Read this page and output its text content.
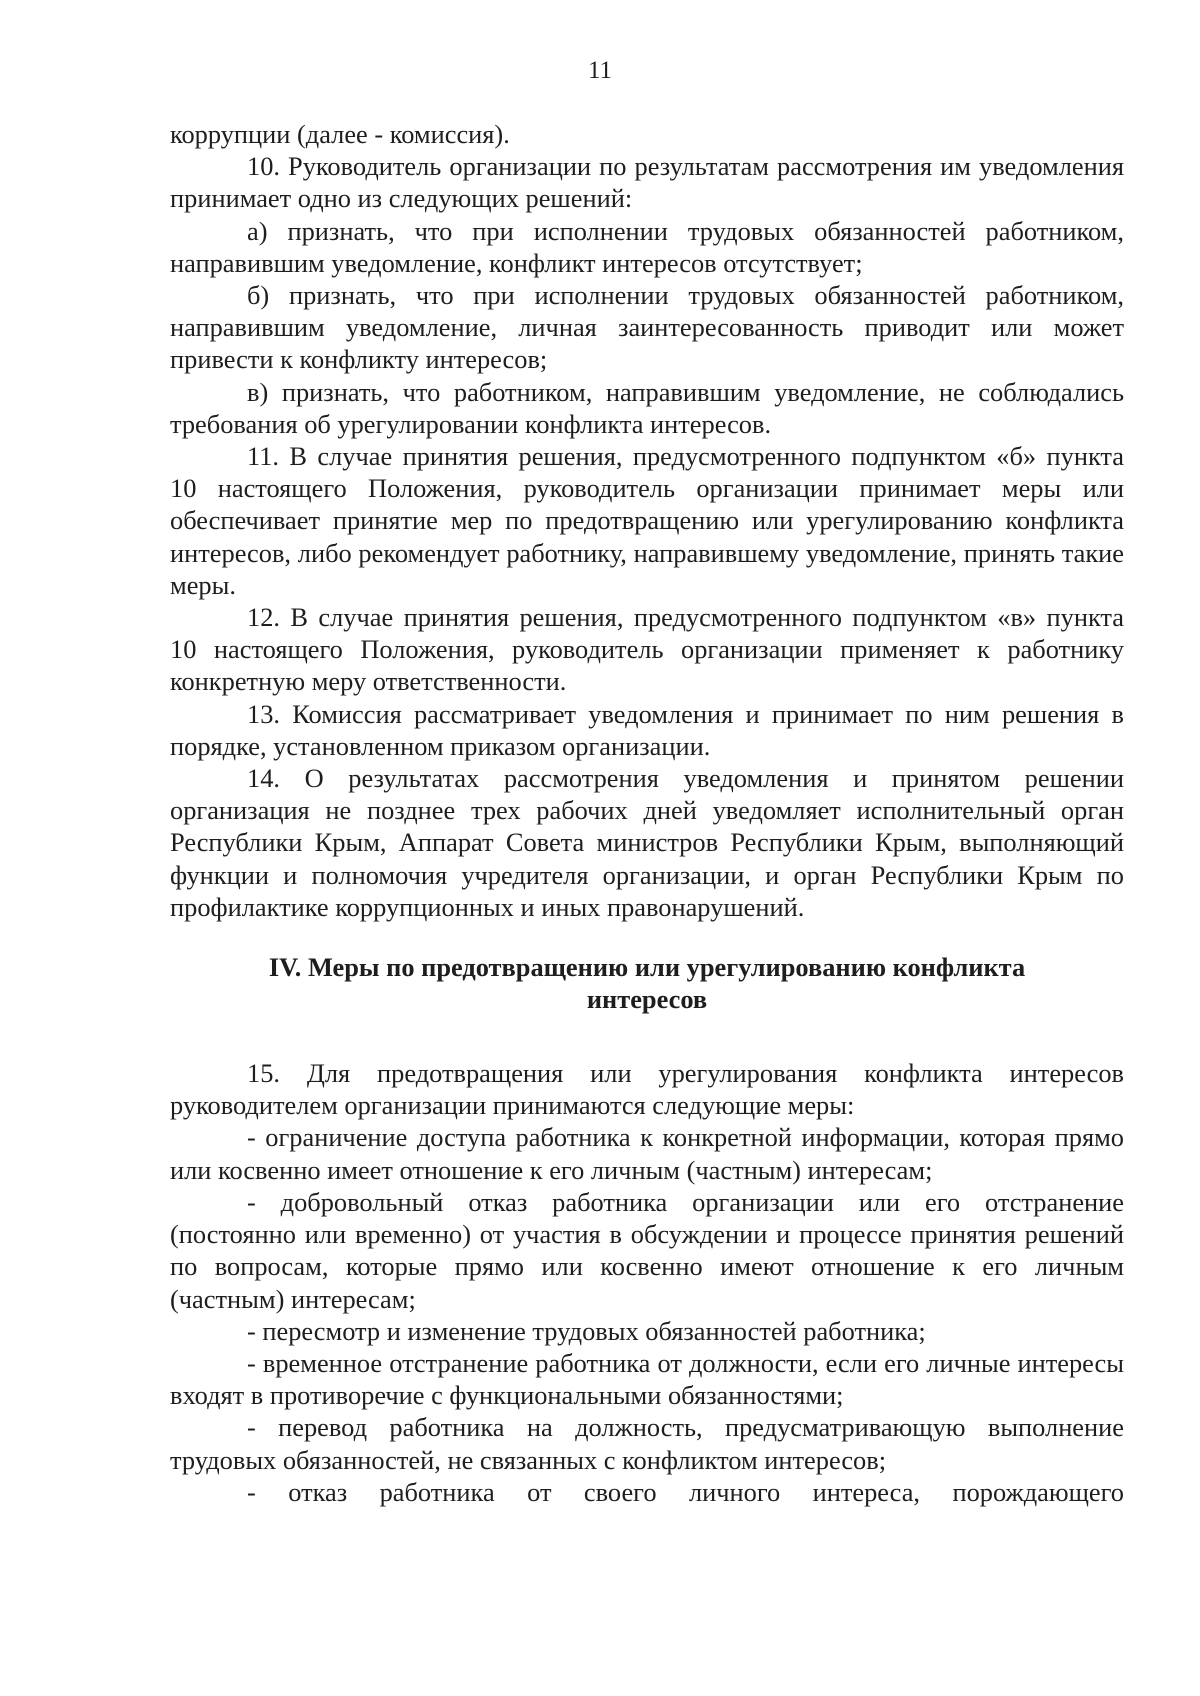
11

коррупции (далее - комиссия).

10. Руководитель организации по результатам рассмотрения им уведомления принимает одно из следующих решений:

а) признать, что при исполнении трудовых обязанностей работником, направившим уведомление, конфликт интересов отсутствует;

б) признать, что при исполнении трудовых обязанностей работником, направившим уведомление, личная заинтересованность приводит или может привести к конфликту интересов;

в) признать, что работником, направившим уведомление, не соблюдались требования об урегулировании конфликта интересов.

11. В случае принятия решения, предусмотренного подпунктом «б» пункта 10 настоящего Положения, руководитель организации принимает меры или обеспечивает принятие мер по предотвращению или урегулированию конфликта интересов, либо рекомендует работнику, направившему уведомление, принять такие меры.

12. В случае принятия решения, предусмотренного подпунктом «в» пункта 10 настоящего Положения, руководитель организации применяет к работнику конкретную меру ответственности.

13. Комиссия рассматривает уведомления и принимает по ним решения в порядке, установленном приказом организации.

14. О результатах рассмотрения уведомления и принятом решении организация не позднее трех рабочих дней уведомляет исполнительный орган Республики Крым, Аппарат Совета министров Республики Крым, выполняющий функции и полномочия учредителя организации, и орган Республики Крым по профилактике коррупционных и иных правонарушений.

IV. Меры по предотвращению или урегулированию конфликта интересов

15. Для предотвращения или урегулирования конфликта интересов руководителем организации принимаются следующие меры:

- ограничение доступа работника к конкретной информации, которая прямо или косвенно имеет отношение к его личным (частным) интересам;

- добровольный отказ работника организации или его отстранение (постоянно или временно) от участия в обсуждении и процессе принятия решений по вопросам, которые прямо или косвенно имеют отношение к его личным (частным) интересам;

- пересмотр и изменение трудовых обязанностей работника;

- временное отстранение работника от должности, если его личные интересы входят в противоречие с функциональными обязанностями;

- перевод работника на должность, предусматривающую выполнение трудовых обязанностей, не связанных с конфликтом интересов;

- отказ работника от своего личного интереса, порождающего
